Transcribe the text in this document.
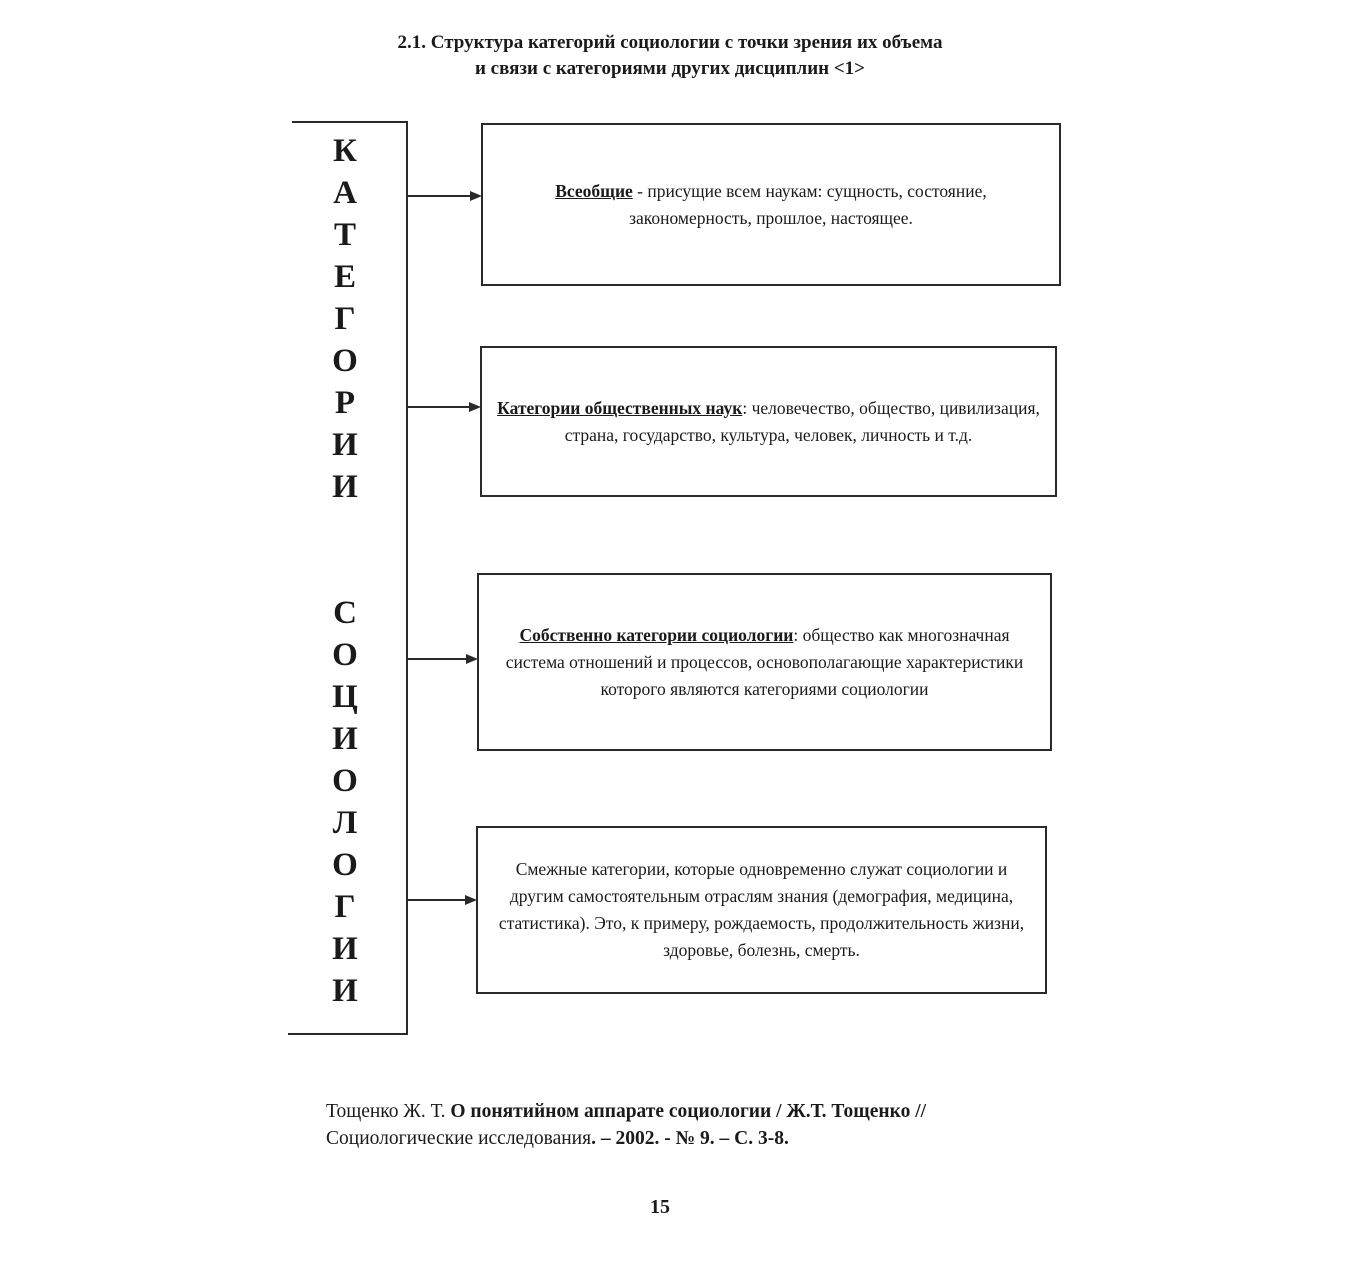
2.1. Структура категорий социологии с точки зрения их объема
и связи с категориями других дисциплин <1>
К
А
Т
Е
Г
О
Р
И
И
С
О
Ц
И
О
Л
О
Г
И
И
Всеобщие - присущие всем наукам: сущность, состояние, закономерность, прошлое, настоящее.
Категории общественных наук: человечество, общество, цивилизация, страна, государство, культура, человек, личность и т.д.
Собственно категории социологии: общество как многозначная система отношений и процессов, основополагающие характеристики которого являются категориями социологии
Смежные категории, которые одновременно служат социологии и другим самостоятельным отраслям знания (демография, медицина, статистика). Это, к примеру, рождаемость, продолжительность жизни, здоровье, болезнь, смерть.
Тощенко Ж. Т. О понятийном аппарате социологии / Ж.Т. Тощенко //
Социологические исследования. – 2002. - № 9. – С. 3-8.
15
